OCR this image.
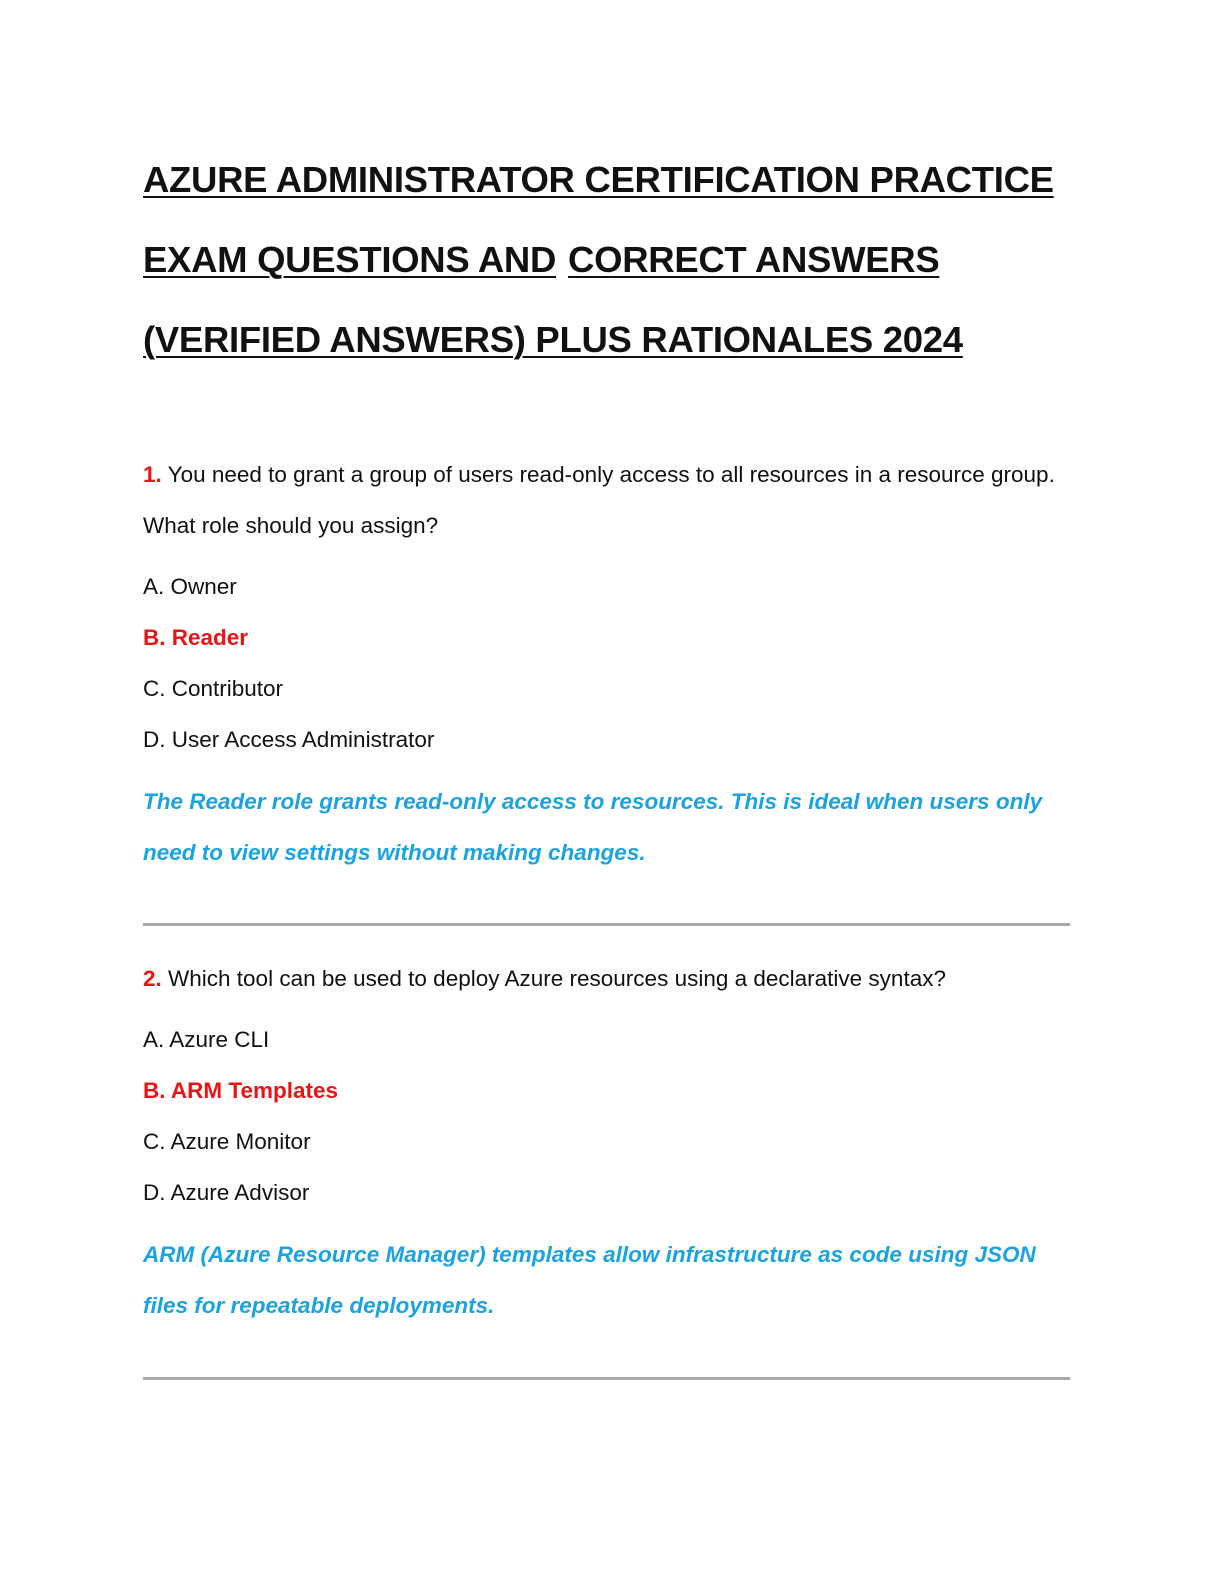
AZURE ADMINISTRATOR CERTIFICATION PRACTICE
EXAM QUESTIONS AND CORRECT ANSWERS
(VERIFIED ANSWERS) PLUS RATIONALES 2024

1. You need to grant a group of users read-only access to all resources in a resource group. What role should you assign?

A. Owner
B. Reader
C. Contributor
D. User Access Administrator

The Reader role grants read-only access to resources. This is ideal when users only need to view settings without making changes.

2. Which tool can be used to deploy Azure resources using a declarative syntax?

A. Azure CLI
B. ARM Templates
C. Azure Monitor
D. Azure Advisor

ARM (Azure Resource Manager) templates allow infrastructure as code using JSON files for repeatable deployments.
